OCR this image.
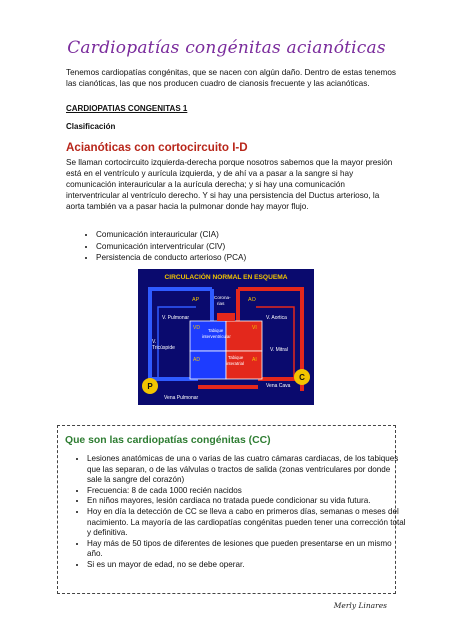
Cardiopatías congénitas acianóticas

Tenemos cardiopatías congénitas, que se nacen con algún daño. Dentro de estas tenemos las cianóticas, las que nos producen cuadro de cianosis frecuente y las acianóticas.

CARDIOPATIAS CONGENITAS 1

Clasificación

Acianóticas con cortocircuito I-D

Se llaman cortocircuito izquierda-derecha porque nosotros sabemos que la mayor presión está en el ventrículo y aurícula izquierda, y de ahí va a pasar a la sangre si hay comunicación interauricular a la aurícula derecha; y si hay una comunicación interventricular al ventrículo derecho. Y si hay una persistencia del Ductus arterioso, la aorta también va a pasar hacia la pulmonar donde hay mayor flujo.

• Comunicación interauricular (CIA)
• Comunicación interventricular (CIV)
• Persistencia de conducto arterioso (PCA)
CIRCULACIÓN NORMAL EN ESQUEMA
AP	AO
Corona-
rias
V. Pulmonar	V. Aortica
VD	VI
Tabique
interventricular
V.
Tricúspide	V. Mitral
AD	AI
Tabique
interatrial
P
C
Vena Cava
Vena Pulmonar

Que son las cardiopatías congénitas (CC)

• Lesiones anatómicas de una o varias de las cuatro cámaras cardiacas, de los tabiques que las separan, o de las válvulas o tractos de salida (zonas ventriculares por donde sale la sangre del corazón)
• Frecuencia: 8 de cada 1000 recién nacidos
• En niños mayores, lesión cardiaca no tratada puede condicionar su vida futura.
• Hoy en día la detección de CC se lleva a cabo en primeros días, semanas o meses del nacimiento. La mayoría de las cardiopatías congénitas pueden tener una corrección total y definitiva.
• Hay más de 50 tipos de diferentes de lesiones que pueden presentarse en un mismo año.
• Si es un mayor de edad, no se debe operar.

Merly Linares
